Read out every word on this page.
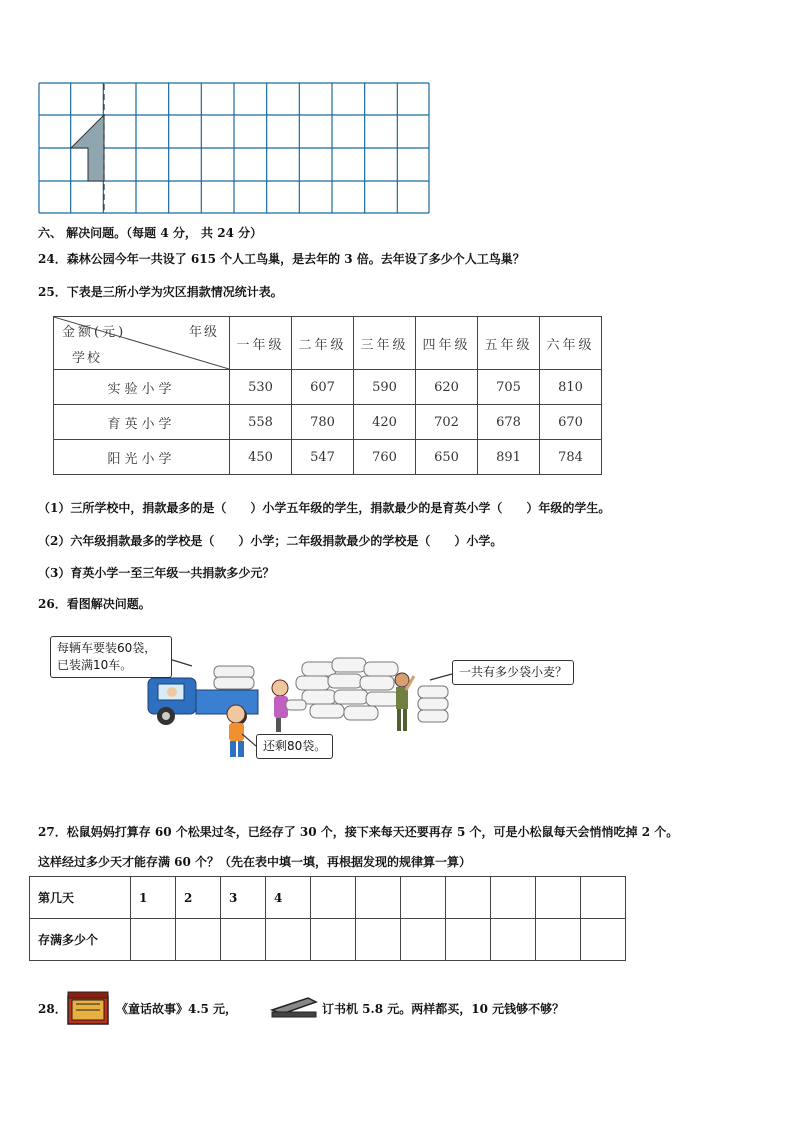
六、 解决问题。（每题 4 分， 共 24 分）
24．森林公园今年一共设了 615 个人工鸟巢，是去年的 3 倍。去年设了多少个人工鸟巢？
25．下表是三所小学为灾区捐款情况统计表。
金额(元) 年级
学校	一年级	二年级	三年级	四年级	五年级	六年级
实验小学	530	607	590	620	705	810
育英小学	558	780	420	702	678	670
阳光小学	450	547	760	650	891	784
（1）三所学校中，捐款最多的是（　　）小学五年级的学生，捐款最少的是育英小学（　　）年级的学生。
（2）六年级捐款最多的学校是（　　）小学；二年级捐款最少的学校是（　　）小学。
（3）育英小学一至三年级一共捐款多少元？
26．看图解决问题。
每辆车要装60袋，已装满10车。	一共有多少袋小麦？
还剩80袋。
27．松鼠妈妈打算存 60 个松果过冬，已经存了 30 个，接下来每天还要再存 5 个，可是小松鼠每天会悄悄吃掉 2 个。
这样经过多少天才能存满 60 个？（先在表中填一填，再根据发现的规律算一算）
第几天	1	2	3	4							
存满多少个											
28．	《童话故事》4.5 元，	订书机 5.8 元。两样都买，10 元钱够不够？
